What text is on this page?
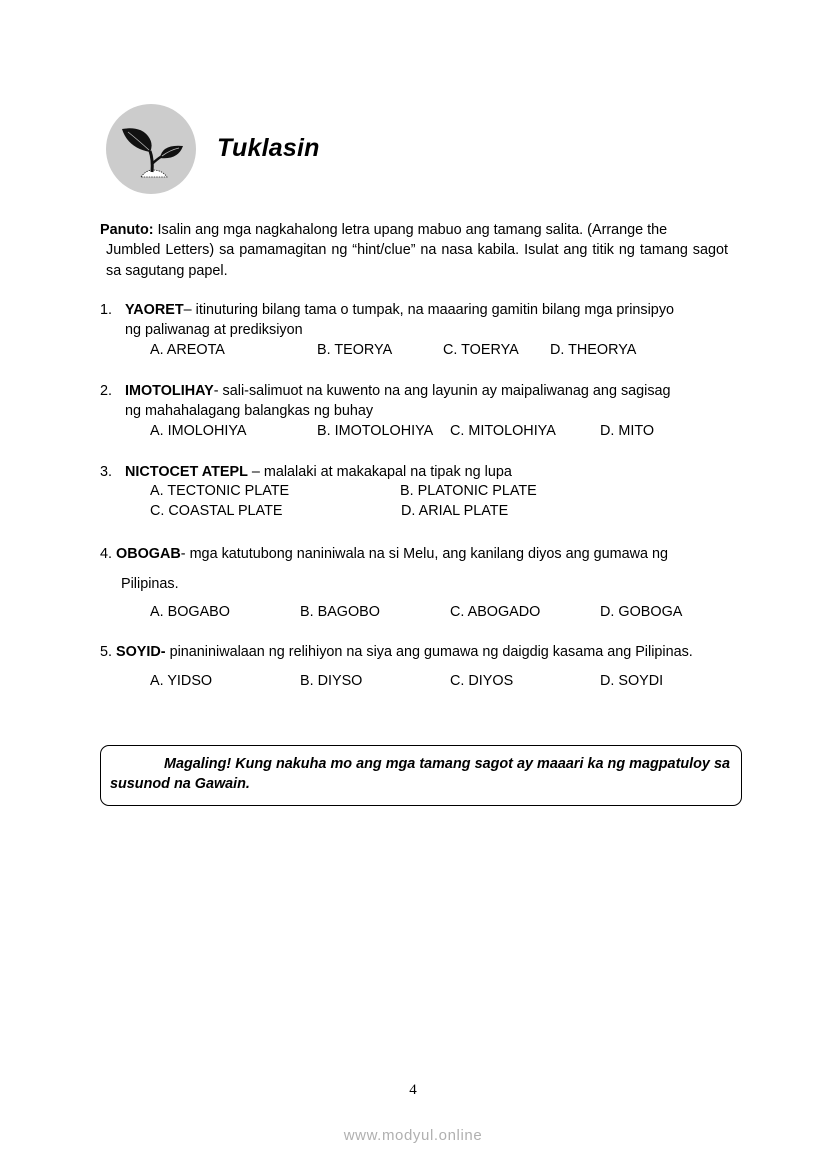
Tuklasin
Panuto: Isalin ang mga nagkahalong letra upang mabuo ang tamang salita. (Arrange the
Jumbled Letters) sa pamamagitan ng “hint/clue” na nasa kabila. Isulat ang titik ng tamang sagot sa sagutang papel.
1. YAORET– itinuturing bilang tama o tumpak, na maaaring gamitin bilang mga prinsipyo
ng paliwanag at prediksiyon
A. AREOTA	B. TEORYA	C. TOERYA D. THEORYA
2. IMOTOLIHAY- sali-salimuot na kuwento na ang layunin ay maipaliwanag ang sagisag
ng mahahalagang balangkas ng buhay
A. IMOLOHIYA	B. IMOTOLOHIYA C. MITOLOHIYA	D. MITO
3. NICTOCET ATEPL – malalaki at makakapal na tipak ng lupa
A. TECTONIC PLATE	B. PLATONIC PLATE
C. COASTAL PLATE	D. ARIAL PLATE
4. OBOGAB- mga katutubong naniniwala na si Melu, ang kanilang diyos ang gumawa ng
Pilipinas.
A. BOGABO	B. BAGOBO	C. ABOGADO	D. GOBOGA
5. SOYID- pinaniniwalaan ng relihiyon na siya ang gumawa ng daigdig kasama ang Pilipinas.
A. YIDSO	B. DIYSO	C. DIYOS	D. SOYDI
Magaling! Kung nakuha mo ang mga tamang sagot ay maaari ka ng magpatuloy sa susunod na Gawain.
4
www.modyul.online
